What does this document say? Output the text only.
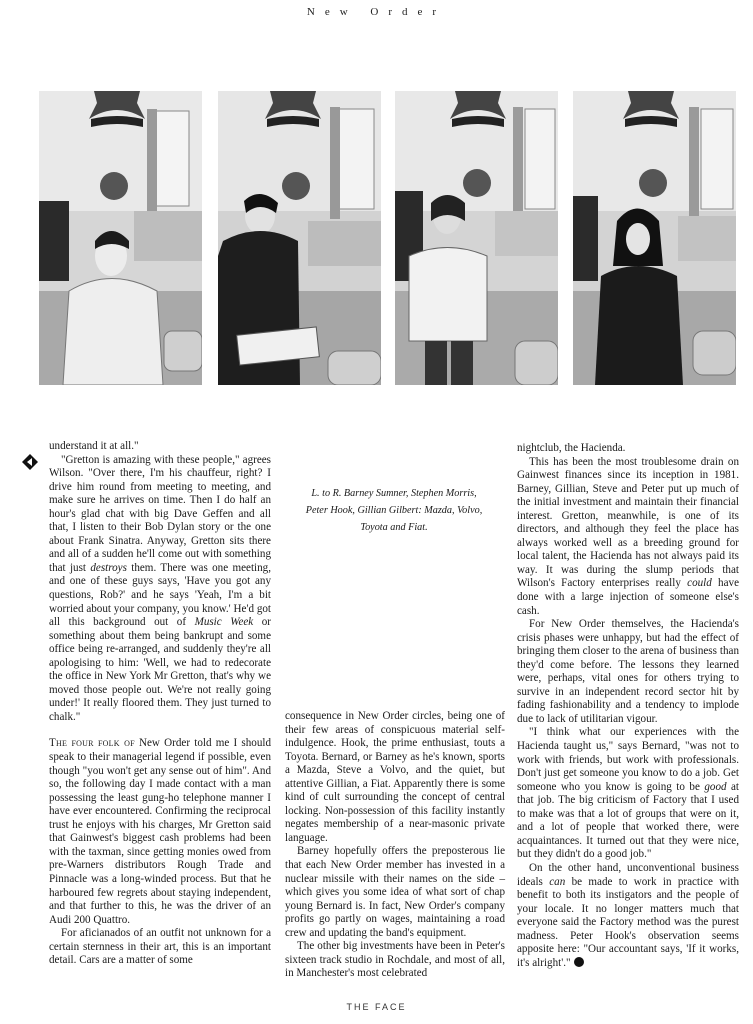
New Order

understand it at all."

"Gretton is amazing with these people," agrees Wilson. "Over there, I'm his chauffeur, right? I drive him round from meeting to meeting, and make sure he arrives on time. Then I do half an hour's glad chat with big Dave Geffen and all that, I listen to their Bob Dylan story or the one about Frank Sinatra. Anyway, Gretton sits there and all of a sudden he'll come out with something that just destroys them. There was one meeting, and one of these guys says, 'Have you got any questions, Rob?' and he says 'Yeah, I'm a bit worried about your company, you know.' He'd got all this background out of Music Week or something about them being bankrupt and some office being re-arranged, and suddenly they're all apologising to him: 'Well, we had to redecorate the office in New York Mr Gretton, that's why we moved those people out. We're not really going under!' It really floored them. They just turned to chalk."

The four folk of New Order told me I should speak to their managerial legend if possible, even though "you won't get any sense out of him". And so, the following day I made contact with a man possessing the least gung-ho telephone manner I have ever encountered. Confirming the reciprocal trust he enjoys with his charges, Mr Gretton said that Gainwest's biggest cash problems had been with the taxman, since getting monies owed from pre-Warners distributors Rough Trade and Pinnacle was a long-winded process. But that he harboured few regrets about staying independent, and that further to this, he was the driver of an Audi 200 Quattro.

For aficianados of an outfit not unknown for a certain sternness in their art, this is an important detail. Cars are a matter of some

L. to R. Barney Sumner, Stephen Morris,
Peter Hook, Gillian Gilbert: Mazda, Volvo,
Toyota and Fiat.

consequence in New Order circles, being one of their few areas of conspicuous material self-indulgence. Hook, the prime enthusiast, touts a Toyota. Bernard, or Barney as he's known, sports a Mazda, Steve a Volvo, and the quiet, but attentive Gillian, a Fiat. Apparently there is some kind of cult surrounding the concept of central locking. Non-possession of this facility instantly negates membership of a near-masonic private language.

Barney hopefully offers the preposterous lie that each New Order member has invested in a nuclear missile with their names on the side – which gives you some idea of what sort of chap young Bernard is. In fact, New Order's company profits go partly on wages, maintaining a road crew and updating the band's equipment.

The other big investments have been in Peter's sixteen track studio in Rochdale, and most of all, in Manchester's most celebrated

nightclub, the Hacienda.

This has been the most troublesome drain on Gainwest finances since its inception in 1981. Barney, Gillian, Steve and Peter put up much of the initial investment and maintain their financial interest. Gretton, meanwhile, is one of its directors, and although they feel the place has always worked well as a breeding ground for local talent, the Hacienda has not always paid its way. It was during the slump periods that Wilson's Factory enterprises really could have done with a large injection of someone else's cash.

For New Order themselves, the Hacienda's crisis phases were unhappy, but had the effect of bringing them closer to the arena of business than they'd come before. The lessons they learned were, perhaps, vital ones for others trying to survive in an independent record sector hit by fading fashionability and a tendency to implode due to lack of utilitarian vigour.

"I think what our experiences with the Hacienda taught us," says Bernard, "was not to work with friends, but work with professionals. Don't just get someone you know to do a job. Get someone who you know is going to be good at that job. The big criticism of Factory that I used to make was that a lot of groups that were on it, and a lot of people that worked there, were acquaintances. It turned out that they were nice, but they didn't do a good job."

On the other hand, unconventional business ideals can be made to work in practice with benefit to both its instigators and the people of your locale. It no longer matters much that everyone said the Factory method was the purest madness. Peter Hook's observation seems apposite here: "Our accountant says, 'If it works, it's alright'."

THE FACE
